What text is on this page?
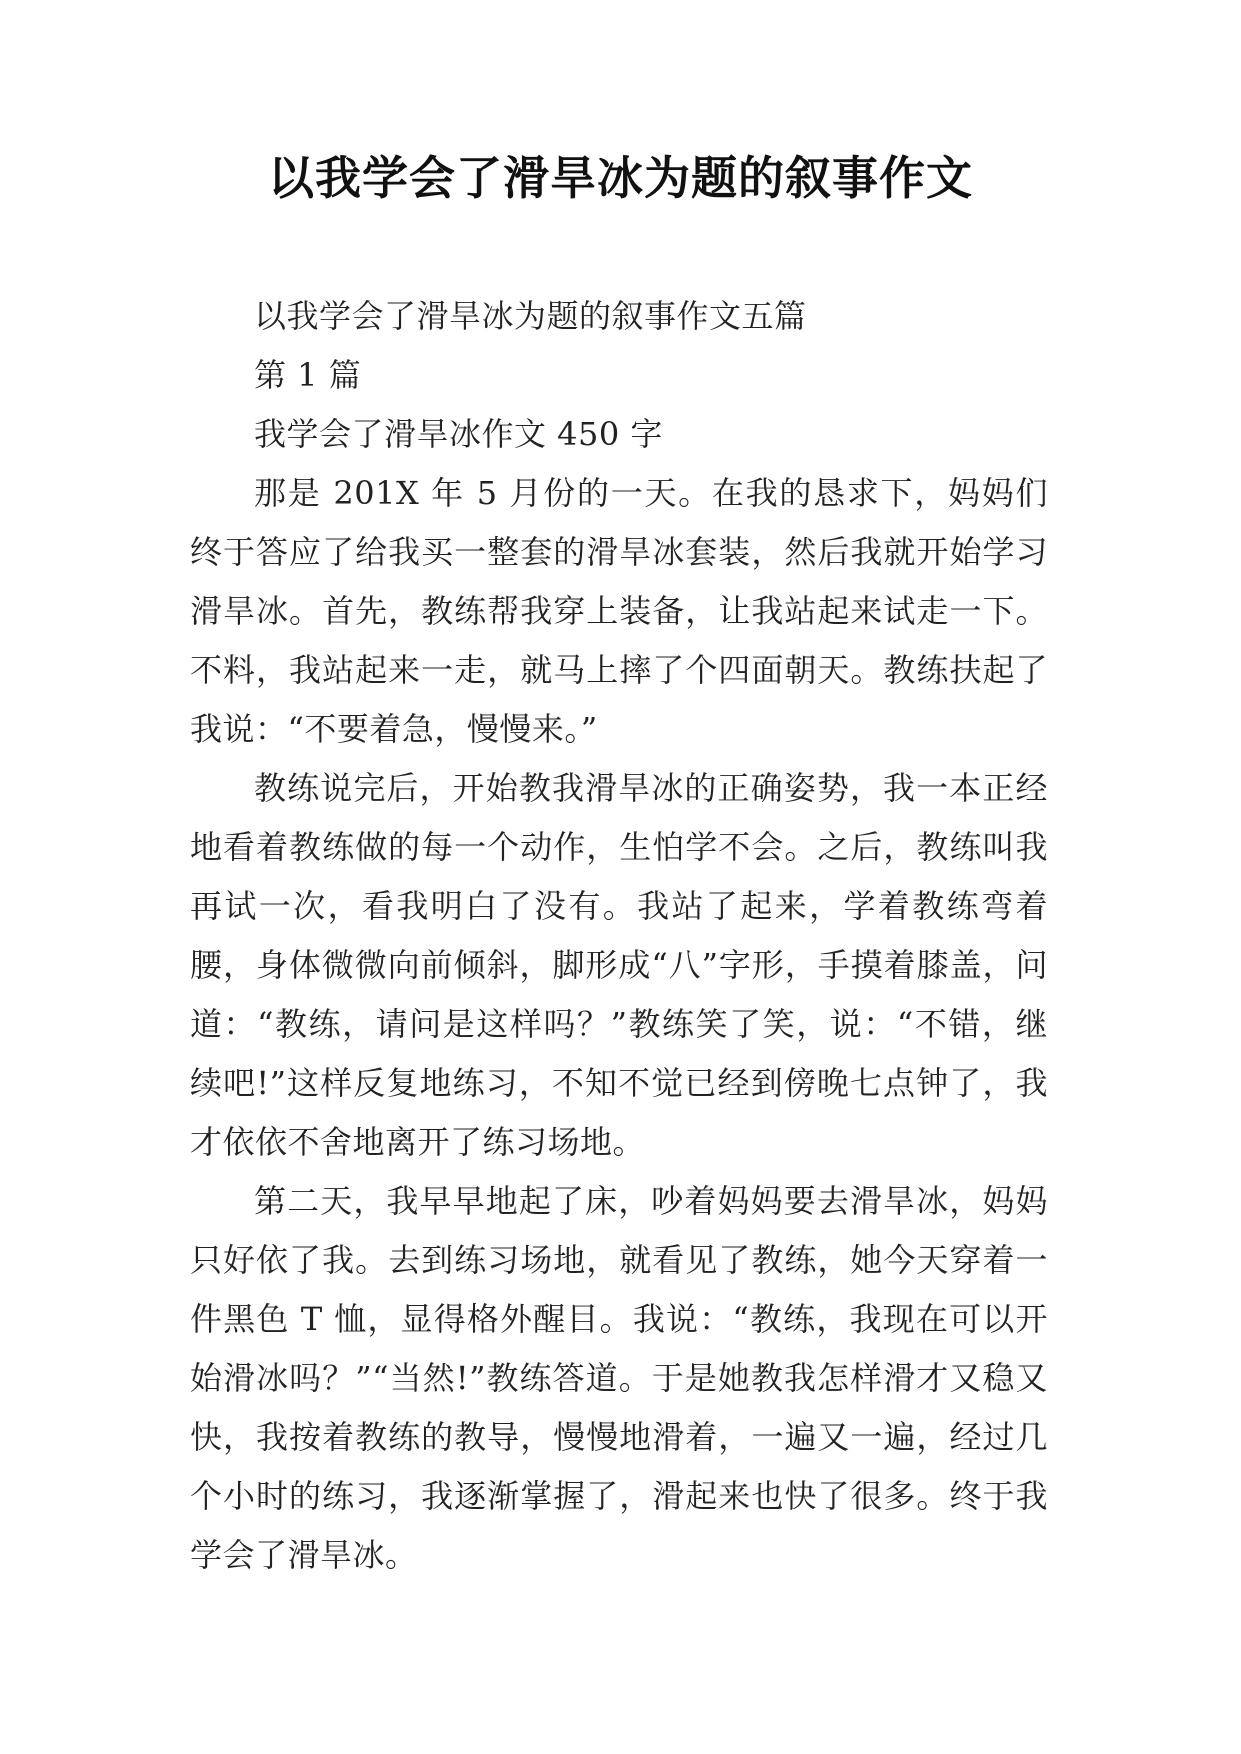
以我学会了滑旱冰为题的叙事作文

以我学会了滑旱冰为题的叙事作文五篇

第 1 篇

我学会了滑旱冰作文 450 字

那是 201X 年 5 月份的一天。在我的恳求下，妈妈们终于答应了给我买一整套的滑旱冰套装，然后我就开始学习滑旱冰。首先，教练帮我穿上装备，让我站起来试走一下。不料，我站起来一走，就马上摔了个四面朝天。教练扶起了我说：“不要着急，慢慢来。”

教练说完后，开始教我滑旱冰的正确姿势，我一本正经地看着教练做的每一个动作，生怕学不会。之后，教练叫我再试一次，看我明白了没有。我站了起来，学着教练弯着腰，身体微微向前倾斜，脚形成“八”字形，手摸着膝盖，问道：“教练，请问是这样吗？”教练笑了笑，说：“不错，继续吧!”这样反复地练习，不知不觉已经到傍晚七点钟了，我才依依不舍地离开了练习场地。

第二天，我早早地起了床，吵着妈妈要去滑旱冰，妈妈只好依了我。去到练习场地，就看见了教练，她今天穿着一件黑色 T 恤，显得格外醒目。我说：“教练，我现在可以开始滑冰吗？”“当然!”教练答道。于是她教我怎样滑才又稳又快，我按着教练的教导，慢慢地滑着，一遍又一遍，经过几个小时的练习，我逐渐掌握了，滑起来也快了很多。终于我学会了滑旱冰。
